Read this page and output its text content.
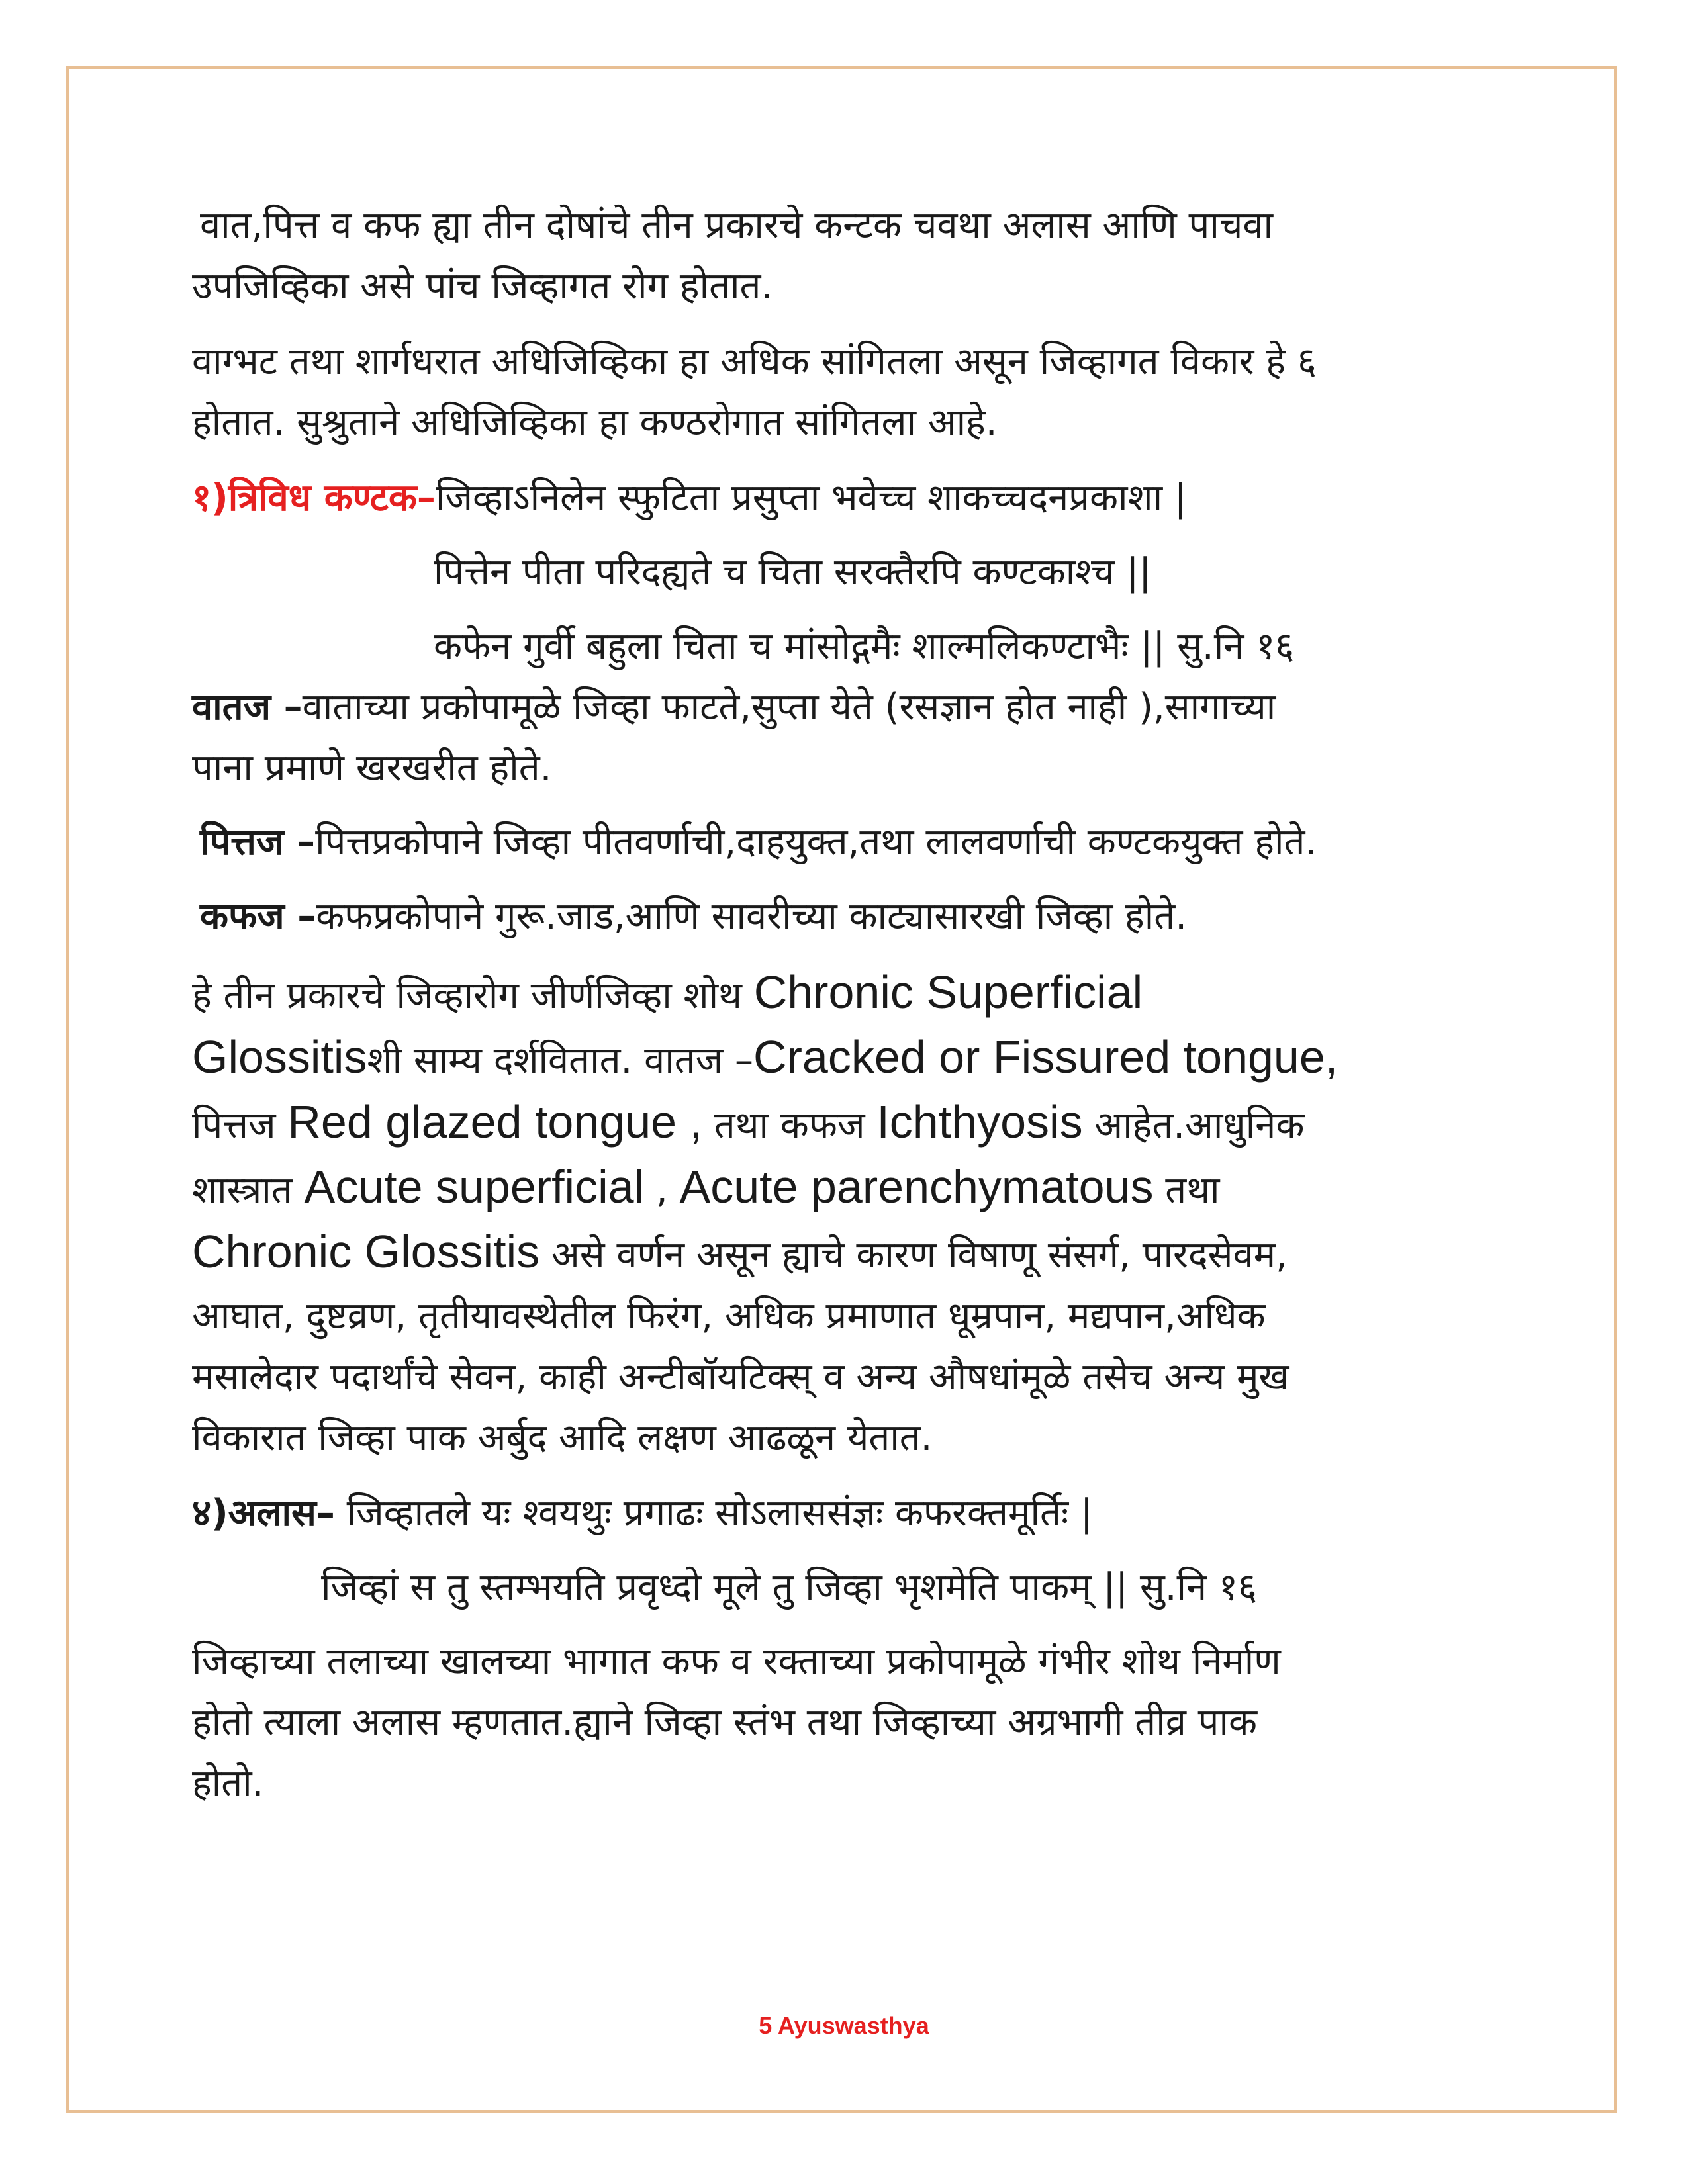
वात,पित्त व कफ ह्या तीन दोषांचे तीन प्रकारचे कन्टक चवथा अलास आणि पाचवा
उपजिव्हिका असे पांच जिव्हागत रोग होतात.
वाग्भट तथा शार्गधरात अधिजिव्हिका हा अधिक सांगितला असून जिव्हागत विकार हे ६
होतात. सुश्रुताने अधिजिव्हिका हा कण्ठरोगात सांगितला आहे.
१)त्रिविध कण्टक–जिव्हाऽनिलेन स्फुटिता प्रसुप्ता भवेच्च शाकच्चदनप्रकाशा |
पित्तेन पीता परिदह्यते च चिता सरक्तैरपि कण्टकाश्च ||
कफेन गुर्वी बहुला चिता च मांसोद्गमैः शाल्मलिकण्टाभैः || सु.नि १६
वातज –वाताच्या प्रकोपामूळे जिव्हा फाटते,सुप्ता येते (रसज्ञान होत नाही ),सागाच्या
पाना प्रमाणे खरखरीत होते.
पित्तज –पित्तप्रकोपाने जिव्हा पीतवर्णाची,दाहयुक्त,तथा लालवर्णाची कण्टकयुक्त होते.
कफज –कफप्रकोपाने गुरू.जाड,आणि सावरीच्या काट्यासारखी जिव्हा होते.
हे तीन प्रकारचे जिव्हारोग जीर्णजिव्हा शोथ Chronic Superficial
Glossitisशी साम्य दर्शवितात. वातज –Cracked or Fissured tongue,
पित्तज Red glazed tongue , तथा कफज Ichthyosis आहेत.आधुनिक
शास्त्रात Acute superficial , Acute parenchymatous तथा
Chronic Glossitis असे वर्णन असून ह्याचे कारण विषाणू संसर्ग, पारदसेवम,
आघात, दुष्टव्रण, तृतीयावस्थेतील फिरंग, अधिक प्रमाणात धूम्रपान, मद्यपान,अधिक
मसालेदार पदार्थांचे सेवन, काही अन्टीबॉयटिक्स् व अन्य औषधांमूळे तसेच अन्य मुख
विकारात जिव्हा पाक अर्बुद आदि लक्षण आढळून येतात.
४)अलास– जिव्हातले यः श्वयथुः प्रगाढः सोऽलाससंज्ञः कफरक्तमूर्तिः |
जिव्हां स तु स्तम्भयति प्रवृध्दो मूले तु जिव्हा भृशमेति पाकम् || सु.नि १६
जिव्हाच्या तलाच्या खालच्या भागात कफ व रक्ताच्या प्रकोपामूळे गंभीर शोथ निर्माण
होतो त्याला अलास म्हणतात.ह्याने जिव्हा स्तंभ तथा जिव्हाच्या अग्रभागी तीव्र पाक
होतो.
5 Ayuswasthya
